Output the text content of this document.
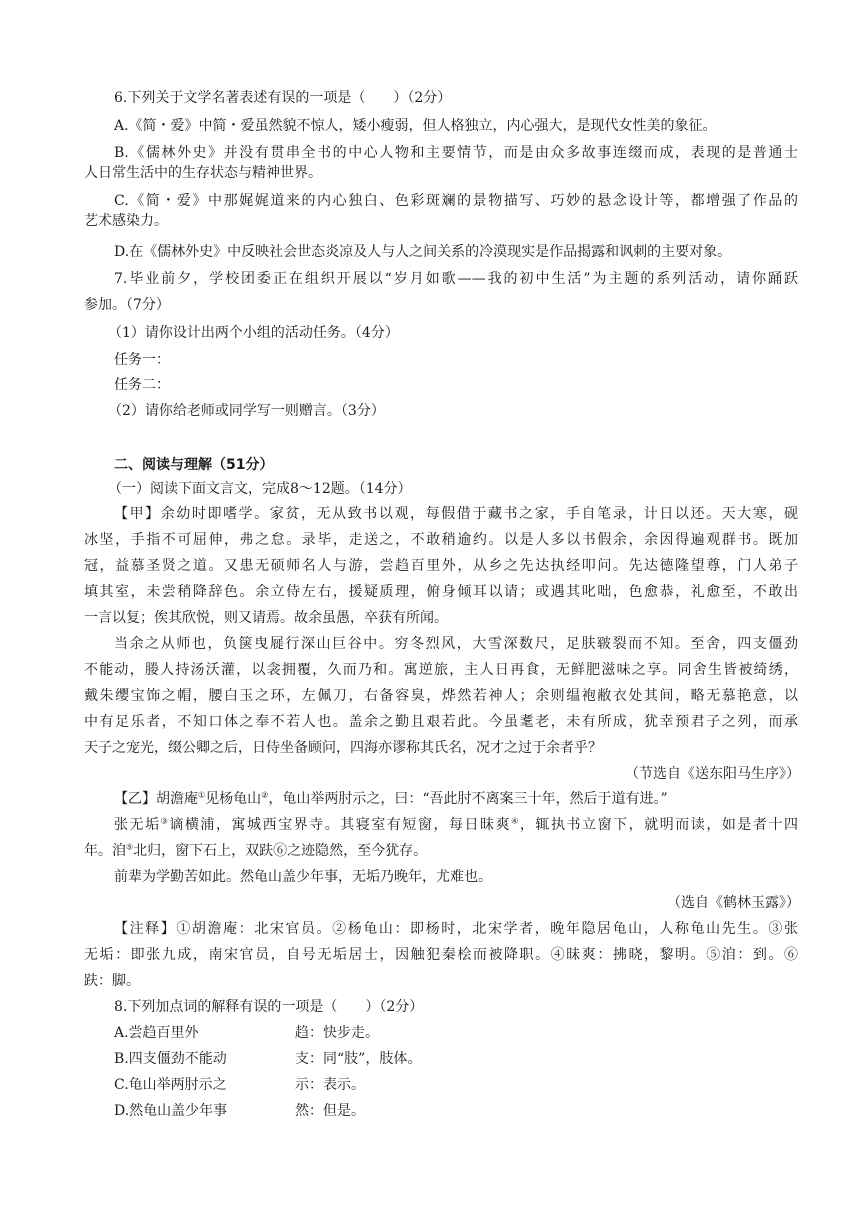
6.下列关于文学名著表述有误的一项是（　　）（2分）
A.《简・爱》中简・爱虽然貌不惊人，矮小瘦弱，但人格独立，内心强大，是现代女性美的象征。
B.《儒林外史》并没有贯串全书的中心人物和主要情节，而是由众多故事连缀而成，表现的是普通士
人日常生活中的生存状态与精神世界。
C.《简・爱》中那娓娓道来的内心独白、色彩斑斓的景物描写、巧妙的悬念设计等，都增强了作品的
艺术感染力。
D.在《儒林外史》中反映社会世态炎凉及人与人之间关系的冷漠现实是作品揭露和讽刺的主要对象。
7.毕业前夕，学校团委正在组织开展以“岁月如歌——我的初中生活”为主题的系列活动，请你踊跃
参加。（7分）
（1）请你设计出两个小组的活动任务。（4分）
任务一：
任务二：
（2）请你给老师或同学写一则赠言。（3分）
二、阅读与理解（51分）
（一）阅读下面文言文，完成8～12题。（14分）
【甲】余幼时即嗜学。家贫，无从致书以观，每假借于藏书之家，手自笔录，计日以还。天大寒，砚
冰坚，手指不可屈伸，弗之怠。录毕，走送之，不敢稍逾约。以是人多以书假余，余因得遍观群书。既加
冠，益慕圣贤之道。又患无硕师名人与游，尝趋百里外，从乡之先达执经叩问。先达德隆望尊，门人弟子
填其室，未尝稍降辞色。余立侍左右，援疑质理，俯身倾耳以请；或遇其叱咄，色愈恭，礼愈至，不敢出
一言以复；俟其欣悦，则又请焉。故余虽愚，卒获有所闻。
当余之从师也，负箧曳屣行深山巨谷中。穷冬烈风，大雪深数尺，足肤皲裂而不知。至舍，四支僵劲
不能动，媵人持汤沃灌，以衾拥覆，久而乃和。寓逆旅，主人日再食，无鲜肥滋味之享。同舍生皆被绮绣，
戴朱缨宝饰之帽，腰白玉之环，左佩刀，右备容臭，烨然若神人；余则缊袍敝衣处其间，略无慕艳意，以
中有足乐者，不知口体之奉不若人也。盖余之勤且艰若此。今虽耄老，未有所成，犹幸预君子之列，而承
天子之宠光，缀公卿之后，日侍坐备顾问，四海亦谬称其氏名，况才之过于余者乎？
（节选自《送东阳马生序》）
【乙】胡澹庵①见杨龟山②，龟山举两肘示之，曰：“吾此肘不离案三十年，然后于道有进。”
张无垢③谪横浦，寓城西宝界寺。其寝室有短窗，每日昧爽④，辄执书立窗下，就明而读，如是者十四
年。洎⑤北归，窗下石上，双趺⑥之迹隐然，至今犹存。
前辈为学勤苦如此。然龟山盖少年事，无垢乃晚年，尤难也。
（选自《鹤林玉露》）
【注释】①胡澹庵：北宋官员。②杨龟山：即杨时，北宋学者，晚年隐居龟山，人称龟山先生。③张
无垢：即张九成，南宋官员，自号无垢居士，因触犯秦桧而被降职。④昧爽：拂晓，黎明。⑤洎：到。⑥
趺：脚。
8.下列加点词的解释有误的一项是（　　）（2分）
A.尝趋百里外	趋：快步走。
B.四支僵劲不能动	支：同“肢”，肢体。
C.龟山举两肘示之	示：表示。
D.然龟山盖少年事	然：但是。
